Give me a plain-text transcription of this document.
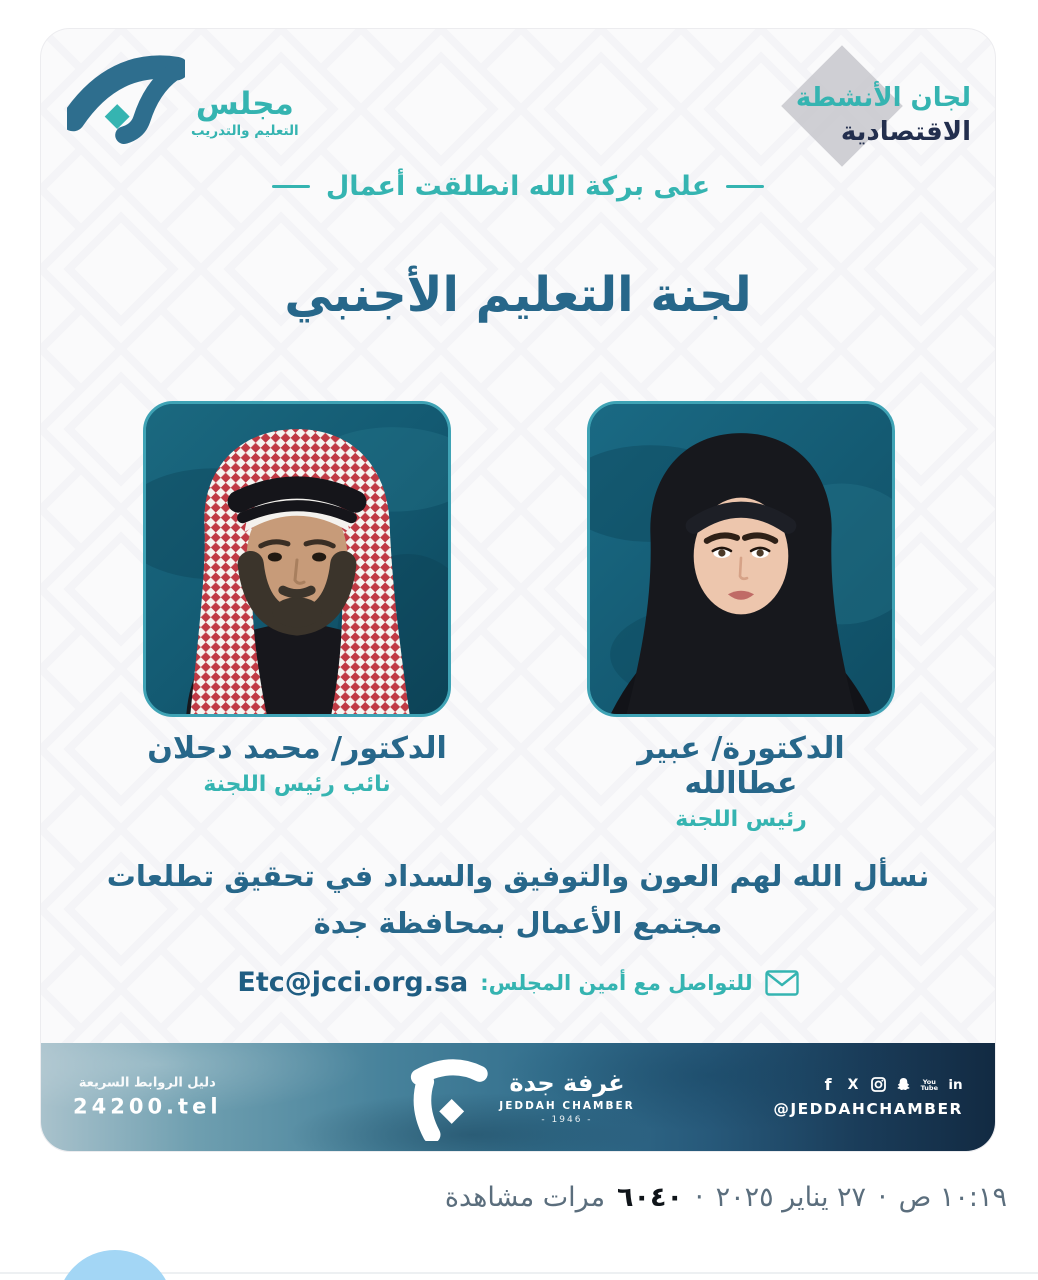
مجلس
التعليم والتدريب
لجان الأنشطة
الاقتصادية
على بركة الله انطلقت أعمال
لجنة التعليم الأجنبي
الدكتور/ محمد دحلان
نائب رئيس اللجنة
الدكتورة/ عبير عطاالله
رئيس اللجنة
نسأل الله لهم العون والتوفيق والسداد في تحقيق تطلعات
مجتمع الأعمال بمحافظة جدة
للتواصل مع أمين المجلس:
Etc@jcci.org.sa
دليل الروابط السريعة
24200.tel
غرفة جدة
JEDDAH CHAMBER
- 1946 -
f X	You
Tube in
@JEDDAHCHAMBER
١٠:١٩ ص
·
٢٧ يناير ٢٠٢٥
·
٦٠٤٠
مرات مشاهدة
